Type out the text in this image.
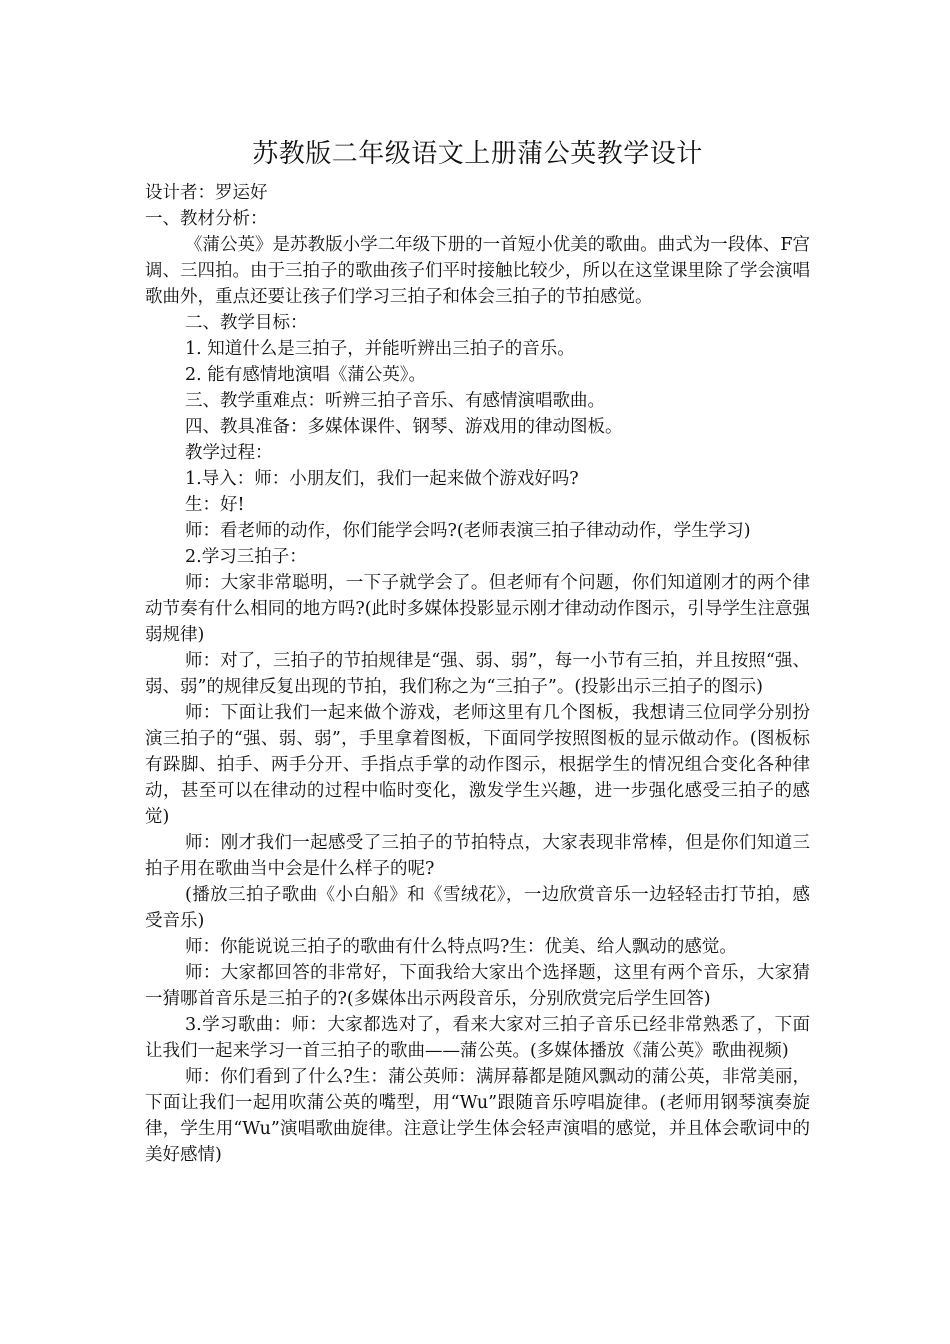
苏教版二年级语文上册蒲公英教学设计

设计者：罗运好

一、教材分析：

《蒲公英》是苏教版小学二年级下册的一首短小优美的歌曲。曲式为一段体、F宫调、三四拍。由于三拍子的歌曲孩子们平时接触比较少，所以在这堂课里除了学会演唱歌曲外，重点还要让孩子们学习三拍子和体会三拍子的节拍感觉。

二、教学目标：

1. 知道什么是三拍子，并能听辨出三拍子的音乐。

2. 能有感情地演唱《蒲公英》。

三、教学重难点：听辨三拍子音乐、有感情演唱歌曲。

四、教具准备：多媒体课件、钢琴、游戏用的律动图板。

教学过程：

1.导入：师：小朋友们，我们一起来做个游戏好吗?

生：好!

师：看老师的动作，你们能学会吗?(老师表演三拍子律动动作，学生学习)

2.学习三拍子：

师：大家非常聪明，一下子就学会了。但老师有个问题，你们知道刚才的两个律动节奏有什么相同的地方吗?(此时多媒体投影显示刚才律动动作图示，引导学生注意强弱规律)

师：对了，三拍子的节拍规律是“强、弱、弱”，每一小节有三拍，并且按照“强、弱、弱”的规律反复出现的节拍，我们称之为“三拍子”。(投影出示三拍子的图示)

师：下面让我们一起来做个游戏，老师这里有几个图板，我想请三位同学分别扮演三拍子的“强、弱、弱”，手里拿着图板，下面同学按照图板的显示做动作。(图板标有跺脚、拍手、两手分开、手指点手掌的动作图示，根据学生的情况组合变化各种律动，甚至可以在律动的过程中临时变化，激发学生兴趣，进一步强化感受三拍子的感觉)

师：刚才我们一起感受了三拍子的节拍特点，大家表现非常棒，但是你们知道三拍子用在歌曲当中会是什么样子的呢?

(播放三拍子歌曲《小白船》和《雪绒花》，一边欣赏音乐一边轻轻击打节拍，感受音乐)

师：你能说说三拍子的歌曲有什么特点吗?生：优美、给人飘动的感觉。

师：大家都回答的非常好，下面我给大家出个选择题，这里有两个音乐，大家猜一猜哪首音乐是三拍子的?(多媒体出示两段音乐，分别欣赏完后学生回答)

3.学习歌曲：师：大家都选对了，看来大家对三拍子音乐已经非常熟悉了，下面让我们一起来学习一首三拍子的歌曲——蒲公英。(多媒体播放《蒲公英》歌曲视频)

师：你们看到了什么?生：蒲公英师：满屏幕都是随风飘动的蒲公英，非常美丽，下面让我们一起用吹蒲公英的嘴型，用“Wu”跟随音乐哼唱旋律。(老师用钢琴演奏旋律，学生用“Wu”演唱歌曲旋律。注意让学生体会轻声演唱的感觉，并且体会歌词中的美好感情)
